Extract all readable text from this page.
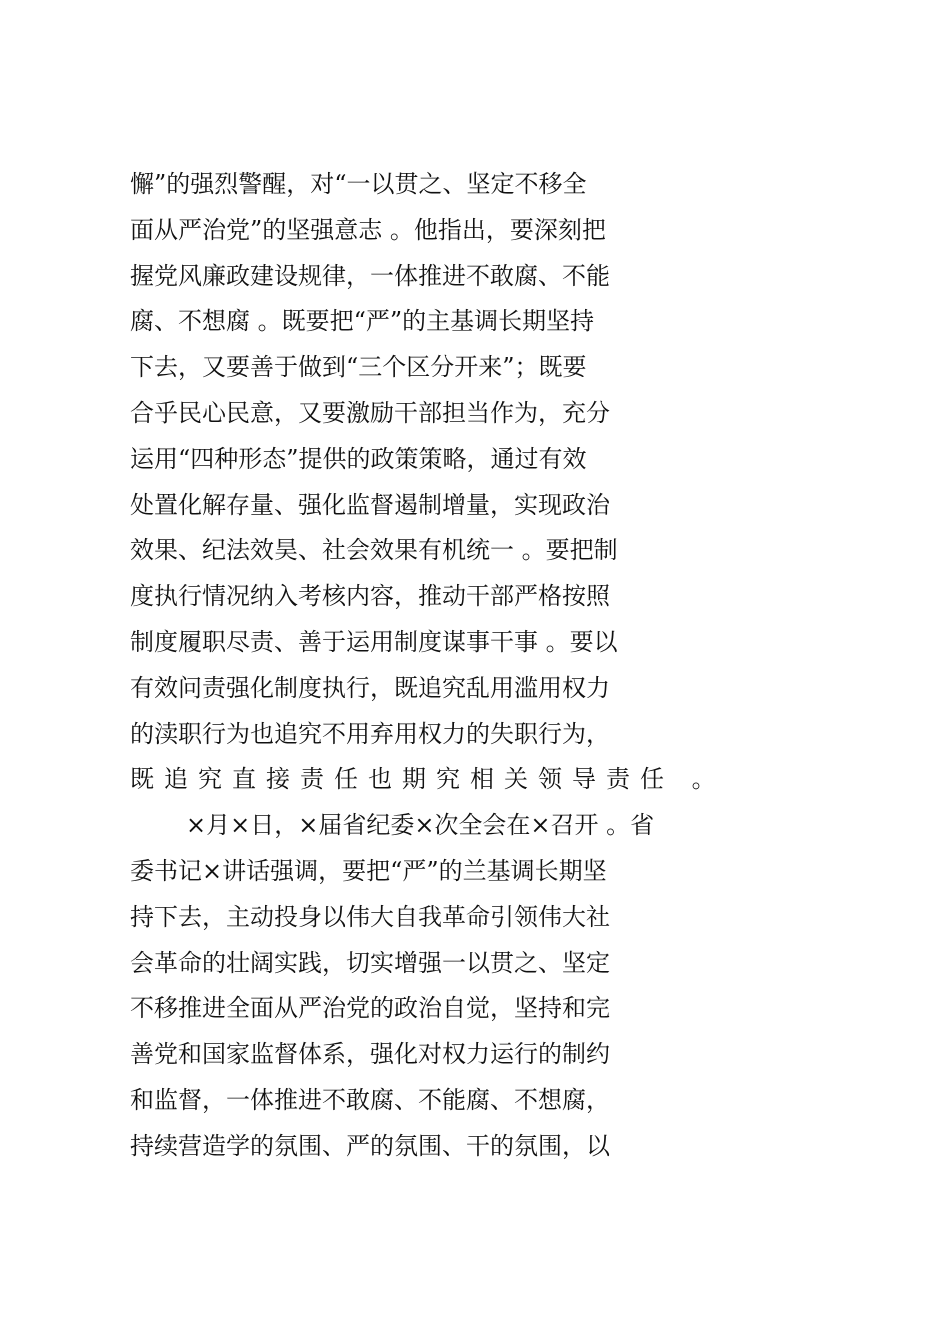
懈”的强烈警醒，对“一以贯之、坚定不移全
面从严治党”的坚强意志 。他指出，要深刻把
握党风廉政建设规律，一体推进不敢腐、不能
腐、不想腐 。既要把“严”的主基调长期坚持
下去，又要善于做到“三个区分开来”；既要
合乎民心民意，又要激励干部担当作为，充分
运用“四种形态”提供的政策策略，通过有效
处置化解存量、强化监督遏制增量，实现政治
效果、纪法效昊、社会效果有机统一 。要把制
度执行情况纳入考核内容，推动干部严格按照
制度履职尽责、善于运用制度谋事干事 。要以
有效问责强化制度执行，既追究乱用滥用权力
的渎职行为也追究不用弃用权力的失职行为，
既追究直接责任也期究相关领导责任 。
×月×日，×届省纪委×次全会在×召开 。省
委书记×讲话强调，要把“严”的兰基调长期坚
持下去，主动投身以伟大自我革命引领伟大社
会革命的壮阔实践，切实增强一以贯之、坚定
不移推进全面从严治党的政治自觉，坚持和完
善党和国家监督体系，强化对权力运行的制约
和监督，一体推进不敢腐、不能腐、不想腐，
持续营造学的氛围、严的氛围、干的氛围，以
